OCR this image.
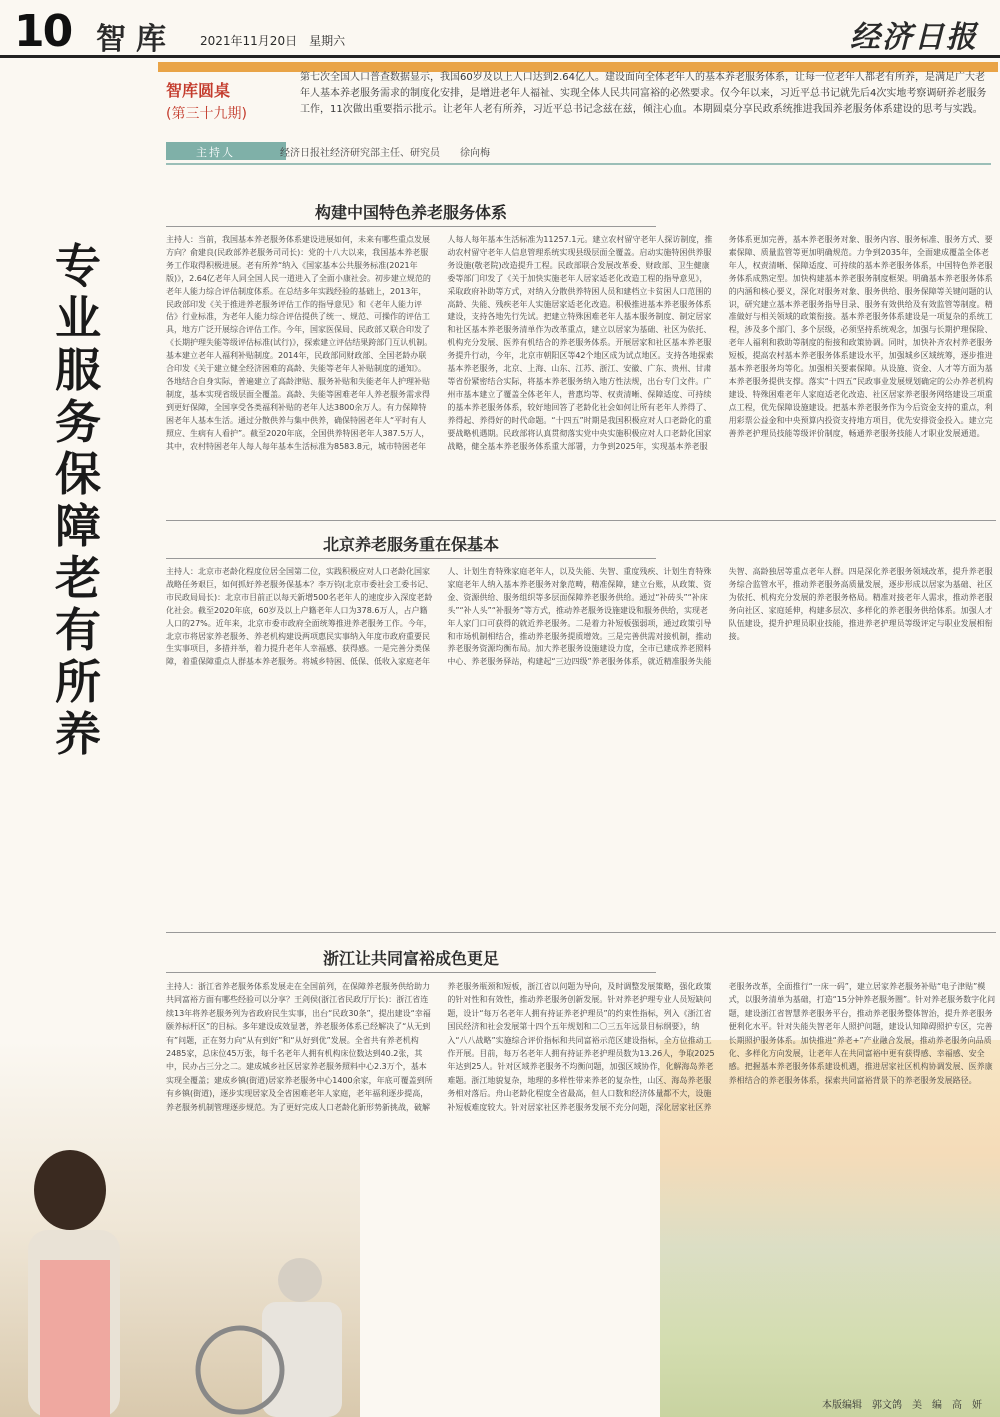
10 智库 2021年11月20日　星期六	经济日报
智库圆桌
(第三十九期)
第七次全国人口普查数据显示，我国60岁及以上人口达到2.64亿人。建设面向全体老年人的基本养老服务体系，让每一位老年人都老有所养，是满足广大老年人基本养老服务需求的制度化安排，是增进老年人福祉、实现全体人民共同富裕的必然要求。仅今年以来，习近平总书记就先后4次实地考察调研养老服务工作，11次做出重要指示批示。让老年人老有所养，习近平总书记念兹在兹，倾注心血。本期圆桌分享民政系统推进我国养老服务体系建设的思考与实践。
主持人	经济日报社经济研究部主任、研究员　　徐向梅
专业服务保障老有所养
构建中国特色养老服务体系
主持人：当前，我国基本养老服务体系建设进展如何，未来有哪些重点发展方向？俞建良(民政部养老服务司司长)：党的十八大以来，我国基本养老服务工作取得积极进展。老有所养“纳入《国家基本公共服务标准(2021年版)》，2.64亿老年人同全国人民一道进入了全面小康社会。初步建立规范的老年人能力综合评估制度体系。在总结多年实践经验的基础上，2013年，民政部印发《关于推进养老服务评估工作的指导意见》和《老年人能力评估》行业标准，为老年人能力综合评估提供了统一、规范、可操作的评估工具，地方广泛开展综合评估工作。今年，国家医保局、民政部又联合印发了《长期护理失能等级评估标准(试行)》，探索建立评估结果跨部门互认机制。基本建立老年人福利补贴制度。2014年，民政部同财政部、全国老龄办联合印发《关于建立健全经济困难的高龄、失能等老年人补贴制度的通知》。各地结合自身实际，普遍建立了高龄津贴、服务补贴和失能老年人护理补贴制度，基本实现省级层面全覆盖。高龄、失能等困难老年人养老服务需求得到更好保障，全国享受各类福利补贴的老年人达3800余万人。有力保障特困老年人基本生活。通过分散供养与集中供养，确保特困老年人“平时有人照应、生病有人看护”。截至2020年底，全国供养特困老年人387.5万人，其中，农村特困老年人每人每年基本生活标准为8583.8元，城市特困老年人每人每年基本生活标准为11257.1元。建立农村留守老年人探访制度，推动农村留守老年人信息管理系统实现县级层面全覆盖。启动实施特困供养服务设施(敬老院)改造提升工程。民政部联合发展改革委、财政部、卫生健康委等部门印发了《关于加快实施老年人居家适老化改造工程的指导意见》，采取政府补助等方式，对纳入分散供养特困人员和建档立卡贫困人口范围的高龄、失能、残疾老年人实施居家适老化改造。积极推进基本养老服务体系建设，支持各地先行先试。把建立特殊困难老年人基本服务制度、制定居家和社区基本养老服务清单作为改革重点，建立以居家为基础、社区为依托、机构充分发展、医养有机结合的养老服务体系。开展居家和社区基本养老服务提升行动，今年，北京市朝阳区等42个地区成为试点地区。支持各地探索基本养老服务，北京、上海、山东、江苏、浙江、安徽、广东、贵州、甘肃等省份紧密结合实际，将基本养老服务纳入地方性法规，出台专门文件。广州市基本建立了覆盖全体老年人，普惠均等、权责清晰、保障适度、可持续的基本养老服务体系，较好地回答了老龄化社会如何让所有老年人养得了、养得起、养得好的时代命题。“十四五”时期是我国积极应对人口老龄化的重要战略机遇期。民政部将认真贯彻落实党中央实施积极应对人口老龄化国家战略，健全基本养老服务体系重大部署，力争到2025年，实现基本养老服务体系更加完善，基本养老服务对象、服务内容、服务标准、服务方式、要素保障、质量监管等更加明确规范。力争到2035年，全面建成覆盖全体老年人，权责清晰、保障适度、可持续的基本养老服务体系，中国特色养老服务体系成熟定型。加快构建基本养老服务制度框架。明确基本养老服务体系的内涵和核心要义，深化对服务对象、服务供给、服务保障等关键问题的认识，研究建立基本养老服务指导目录、服务有效供给及有效监管等制度。精准做好与相关领域的政策衔接。基本养老服务体系建设是一项复杂的系统工程，涉及多个部门、多个层级，必须坚持系统观念，加强与长期护理保险、老年人福利和救助等制度的衔接和政策协调。同时，加快补齐农村养老服务短板，提高农村基本养老服务体系建设水平，加强城乡区域统筹，逐步推进基本养老服务均等化。加强相关要素保障。从设施、资金、人才等方面为基本养老服务提供支撑。落实“十四五”民政事业发展规划确定的公办养老机构建设、特殊困难老年人家庭适老化改造、社区居家养老服务网络建设三项重点工程，优先保障设施建设。把基本养老服务作为今后资金支持的重点，利用彩票公益金和中央预算内投资支持地方项目，优先安排资金投入。建立完善养老护理员技能等级评价制度，畅通养老服务技能人才职业发展通道。
北京养老服务重在保基本
主持人：北京市老龄化程度位居全国第二位，实践积极应对人口老龄化国家战略任务艰巨，如何抓好养老服务保基本？李万钧(北京市委社会工委书记、市民政局局长)：北京市目前正以每天新增500名老年人的速度步入深度老龄化社会。截至2020年底，60岁及以上户籍老年人口为378.6万人，占户籍人口的27%。近年来，北京市委市政府全面统筹推进养老服务工作。今年，北京市将居家养老服务、养老机构建设两项惠民实事纳入年度市政府重要民生实事项目，多措并举，着力提升老年人幸福感、获得感。一是完善分类保障，着重保障重点人群基本养老服务。将城乡特困、低保、低收入家庭老年人、计划生育特殊家庭老年人，以及失能、失智、重度残疾、计划生育特殊家庭老年人纳入基本养老服务对象范畴，精准保障，建立台账，从政策、资金、资源供给、服务组织等多层面保障养老服务供给。通过“补砖头”“补床头”“补人头”“补服务”等方式，推动养老服务设施建设和服务供给，实现老年人家门口可获得的就近养老服务。二是着力补短板强弱项，通过政策引导和市场机制相结合，推动养老服务提质增效。三是完善供需对接机制，推动养老服务资源均衡布局。加大养老服务设施建设力度，全市已建成养老照料中心、养老服务驿站，构建起“三边四级”养老服务体系，就近精准服务失能失智、高龄独居等重点老年人群。四是深化养老服务领域改革，提升养老服务综合监管水平，推动养老服务高质量发展，逐步形成以居家为基础、社区为依托、机构充分发展的养老服务格局。精准对接老年人需求，推动养老服务向社区、家庭延伸，构建多层次、多样化的养老服务供给体系。加强人才队伍建设，提升护理员职业技能，推进养老护理员等级评定与职业发展相衔接。
浙江让共同富裕成色更足
主持人：浙江省养老服务体系发展走在全国前列，在保障养老服务供给助力共同富裕方面有哪些经验可以分享？王剑侯(浙江省民政厅厅长)：浙江省连续13年将养老服务列为省政府民生实事，出台“民政30条”，提出建设“幸福颐养标杆区”的目标。多年建设成效显著，养老服务体系已经解决了“从无到有”问题，正在努力向“从有到好”和“从好到优”发展。全省共有养老机构2485家，总床位45万张，每千名老年人拥有机构床位数达到40.2张，其中，民办占三分之二。建成城乡社区居家养老服务照料中心2.3万个，基本实现全覆盖；建成乡镇(街道)居家养老服务中心1400余家，年底可覆盖到所有乡镇(街道)，逐步实现居家及全省困难老年人家庭，老年福利逐步提高，养老服务机制管理逐步规范。为了更好完成人口老龄化新形势新挑战，破解养老服务瓶颈和短板，浙江省以问题为导向，及时调整发展策略，强化政策的针对性和有效性，推动养老服务创新发展。针对养老护理专业人员短缺问题，设计“每万名老年人拥有持证养老护理员”的约束性指标，列入《浙江省国民经济和社会发展第十四个五年规划和二〇三五年远景目标纲要》，纳入“八八战略”实施综合评价指标和共同富裕示范区建设指标，全方位推动工作开展。目前，每万名老年人拥有持证养老护理员数为13.26人，争取2025年达到25人。针对区域养老服务不均衡问题，加强区域协作，化解海岛养老难题。浙江地貌复杂，地理的多样性带来养老的复杂性，山区、海岛养老服务相对落后。舟山老龄化程度全省最高，但人口数和经济体量都不大，设施补短板难度较大。针对居家社区养老服务发展不充分问题，深化居家社区养老服务改革，全面推行“一床一码”，建立居家养老服务补贴“电子津贴”模式，以服务清单为基础，打造“15分钟养老服务圈”。针对养老服务数字化问题，建设浙江省智慧养老服务平台，推动养老服务整体智治，提升养老服务便利化水平。针对失能失智老年人照护问题，建设认知障碍照护专区，完善长期照护服务体系。加快推进“养老+”产业融合发展，推动养老服务向品质化、多样化方向发展，让老年人在共同富裕中更有获得感、幸福感、安全感。把握基本养老服务体系建设机遇，推进居家社区机构协调发展、医养康养相结合的养老服务体系，探索共同富裕背景下的养老服务发展路径。
本版编辑　郭文鸽　美　编　高　妍
